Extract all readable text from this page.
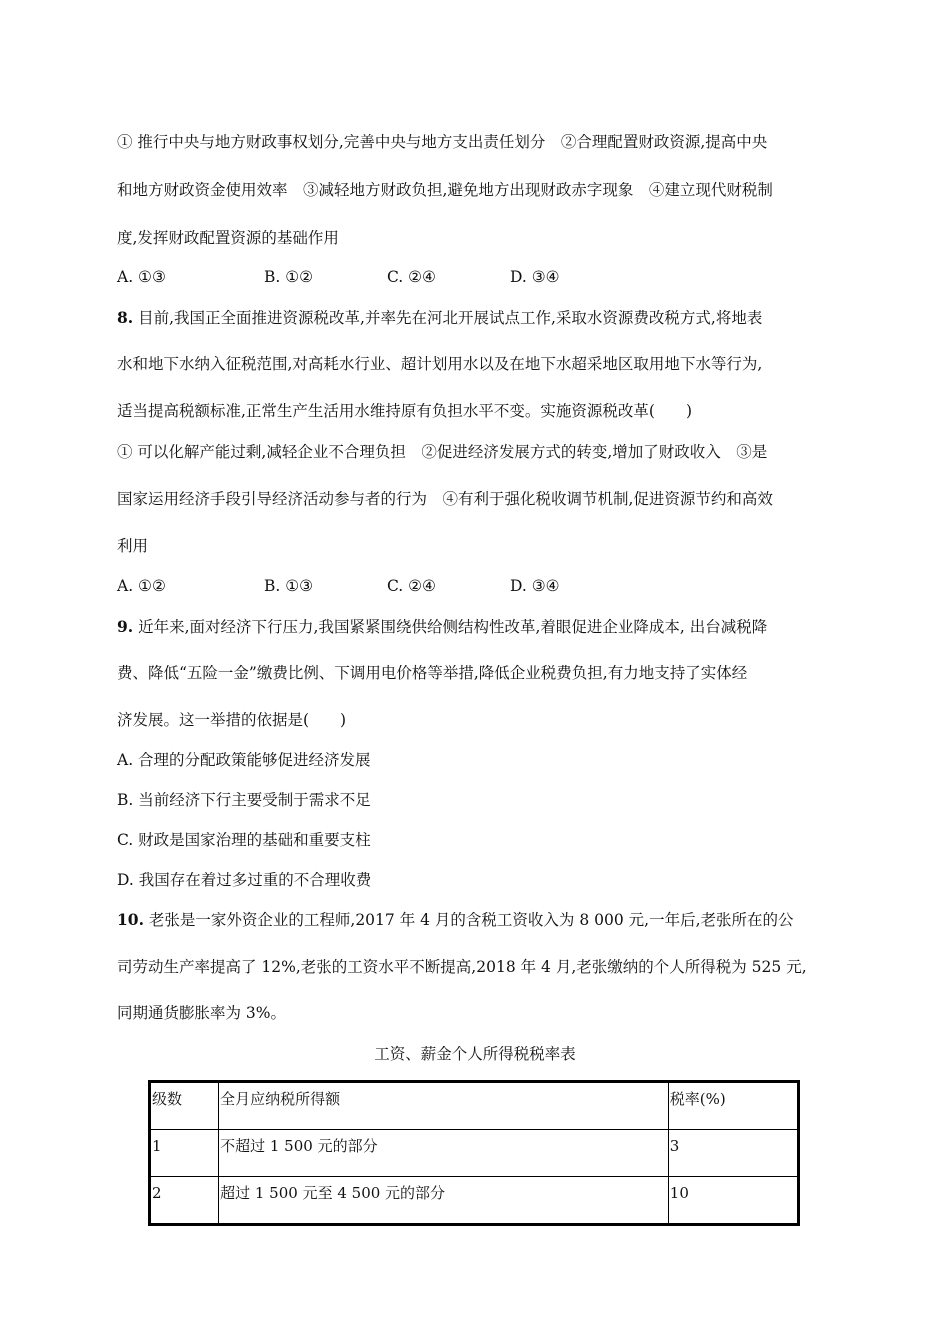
① 推行中央与地方财政事权划分,完善中央与地方支出责任划分　②合理配置财政资源,提高中央
和地方财政资金使用效率　③减轻地方财政负担,避免地方出现财政赤字现象　④建立现代财税制
度,发挥财政配置资源的基础作用
A. ①③	B. ①②	C. ②④	D. ③④
8. 目前,我国正全面推进资源税改革,并率先在河北开展试点工作,采取水资源费改税方式,将地表
水和地下水纳入征税范围,对高耗水行业、超计划用水以及在地下水超采地区取用地下水等行为,
适当提高税额标准,正常生产生活用水维持原有负担水平不变。实施资源税改革(　　)
① 可以化解产能过剩,减轻企业不合理负担　②促进经济发展方式的转变,增加了财政收入　③是
国家运用经济手段引导经济活动参与者的行为　④有利于强化税收调节机制,促进资源节约和高效
利用
A. ①②	B. ①③	C. ②④	D. ③④
9. 近年来,面对经济下行压力,我国紧紧围绕供给侧结构性改革,着眼促进企业降成本, 出台减税降
费、降低“五险一金”缴费比例、下调用电价格等举措,降低企业税费负担,有力地支持了实体经
济发展。这一举措的依据是(　　)
A. 合理的分配政策能够促进经济发展
B. 当前经济下行主要受制于需求不足
C. 财政是国家治理的基础和重要支柱
D. 我国存在着过多过重的不合理收费
10. 老张是一家外资企业的工程师,2017 年 4 月的含税工资收入为 8 000 元,一年后,老张所在的公
司劳动生产率提高了 12%,老张的工资水平不断提高,2018 年 4 月,老张缴纳的个人所得税为 525 元,
同期通货膨胀率为 3%。
工资、薪金个人所得税税率表
级数	全月应纳税所得额	税率(%)
1	不超过 1 500 元的部分	3
2	超过 1 500 元至 4 500 元的部分	10
